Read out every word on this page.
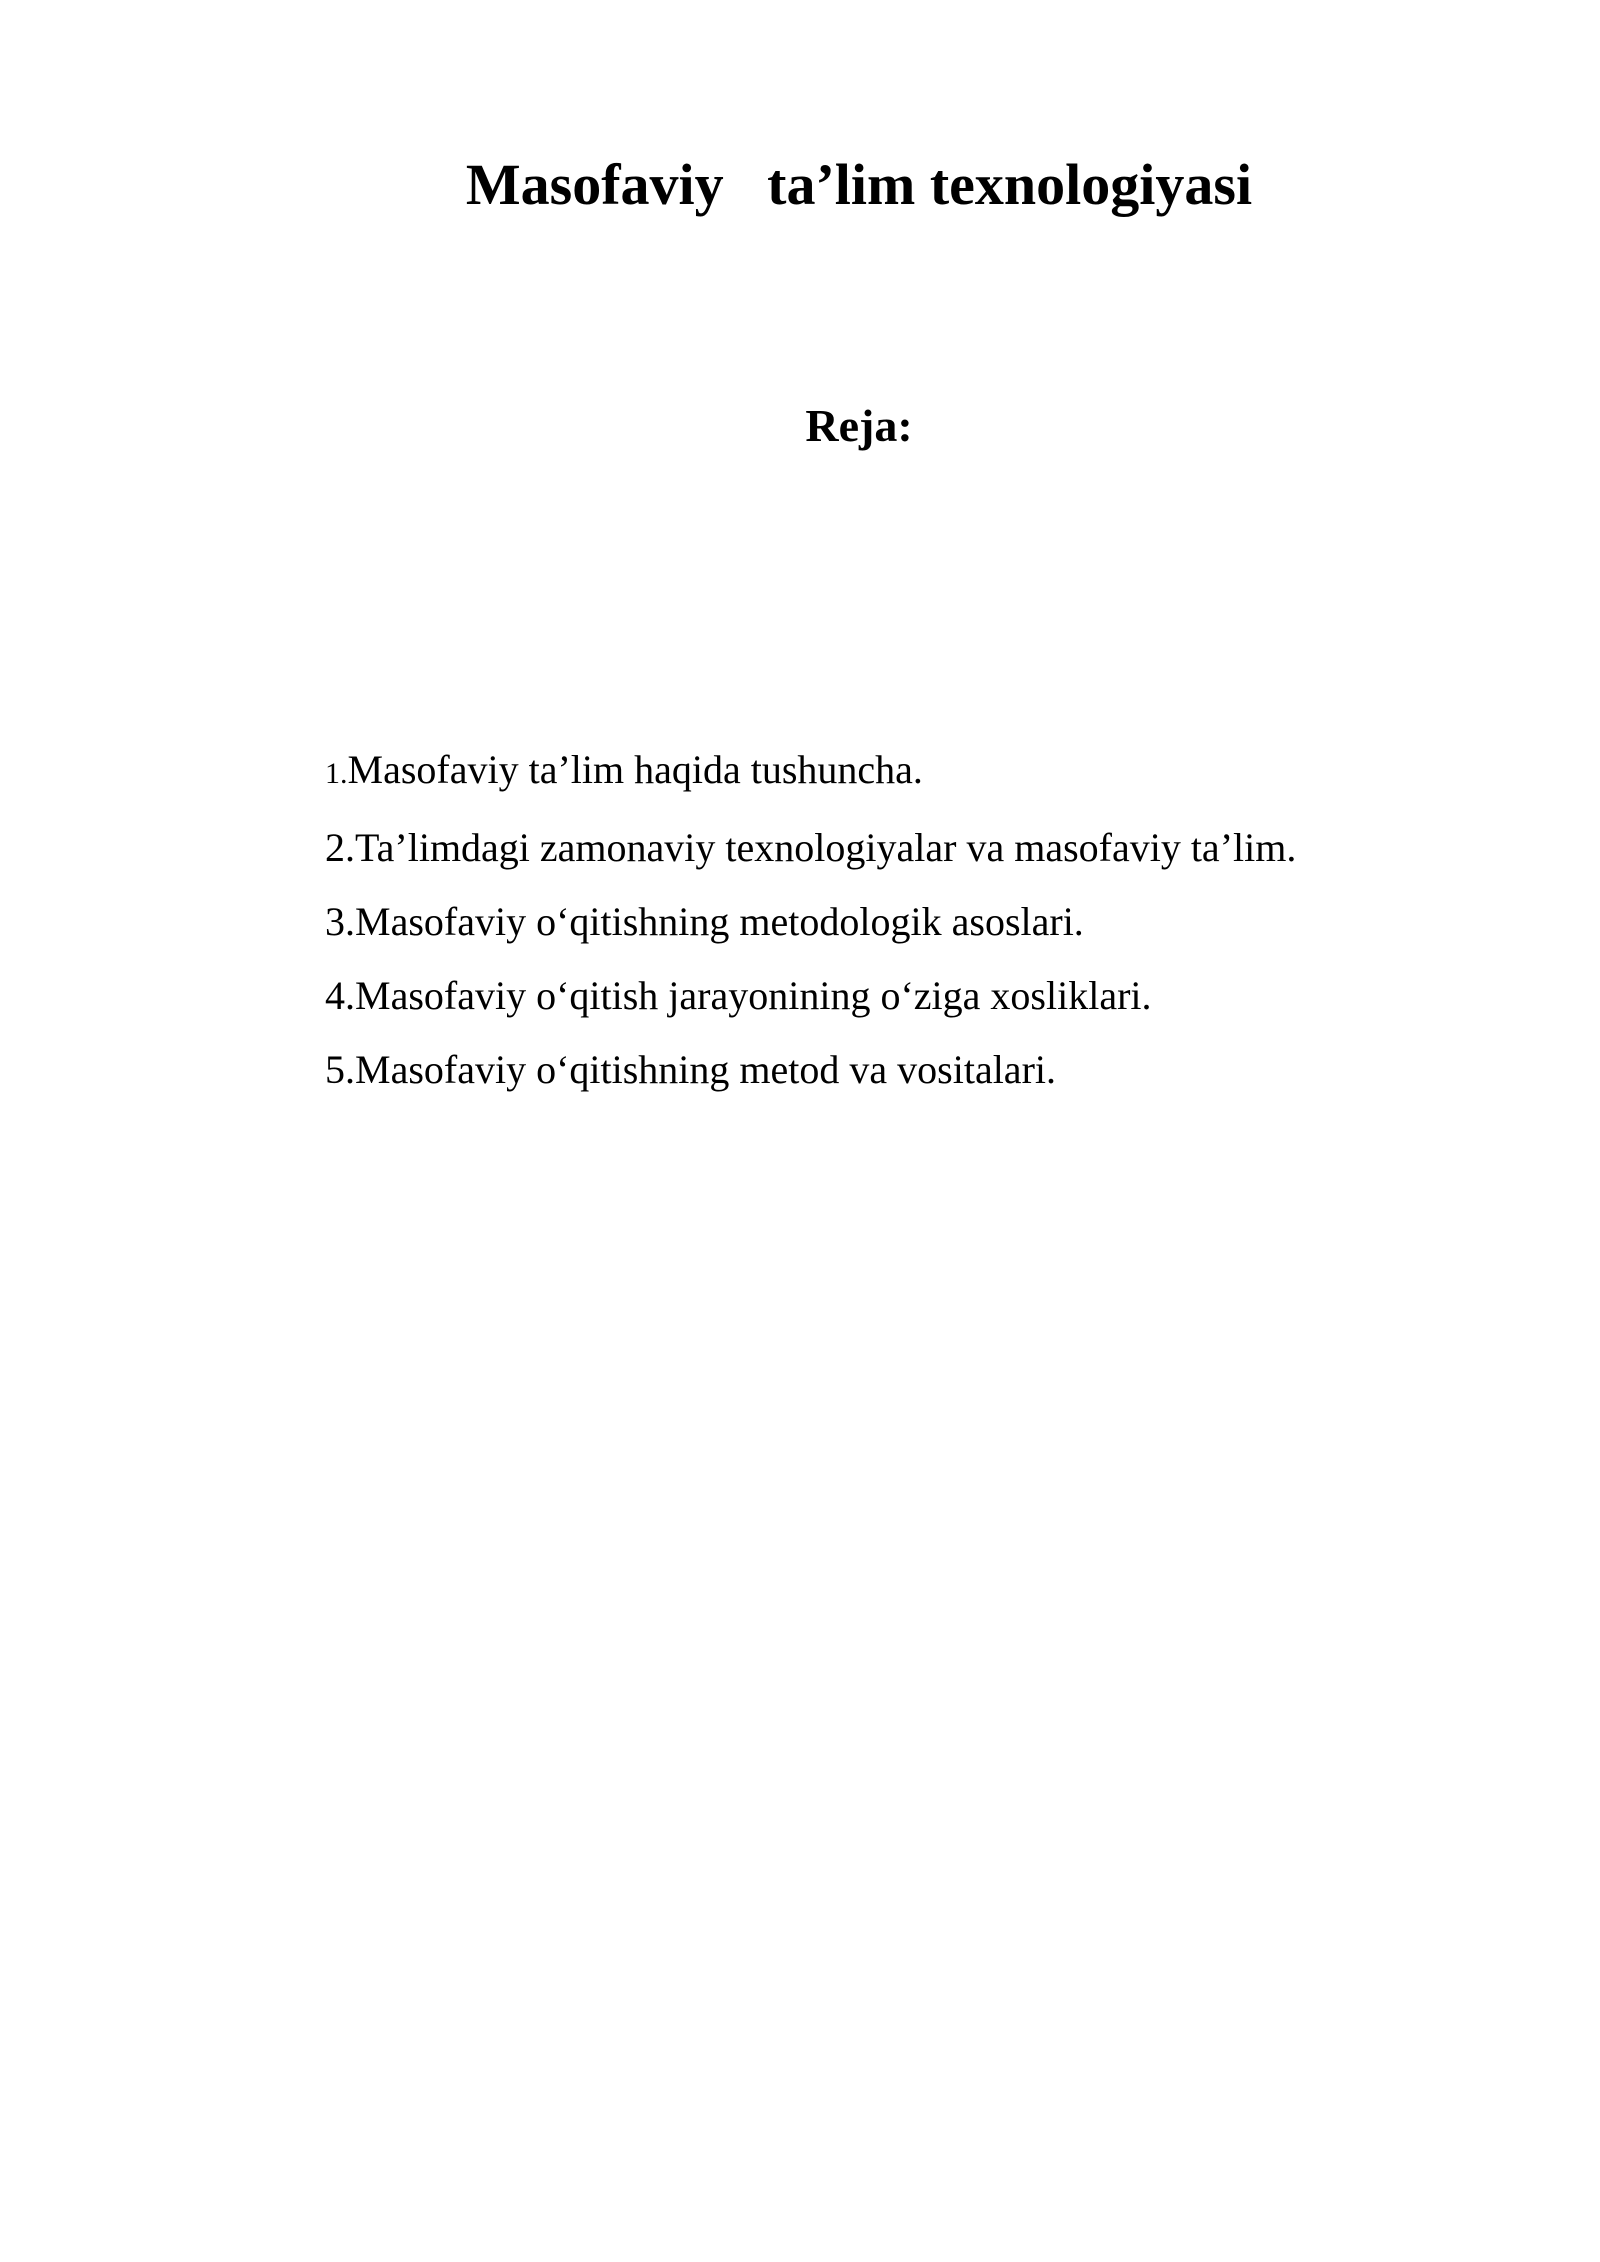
Masofaviy   ta’lim texnologiyasi
Reja:
1.Masofaviy ta’lim haqida tushuncha.
2.Ta’limdagi zamonaviy texnologiyalar va masofaviy ta’lim.
3.Masofaviy o‘qitishning metodologik asoslari.
4.Masofaviy o‘qitish jarayonining o‘ziga xosliklari.
5.Masofaviy o‘qitishning metod va vositalari.
